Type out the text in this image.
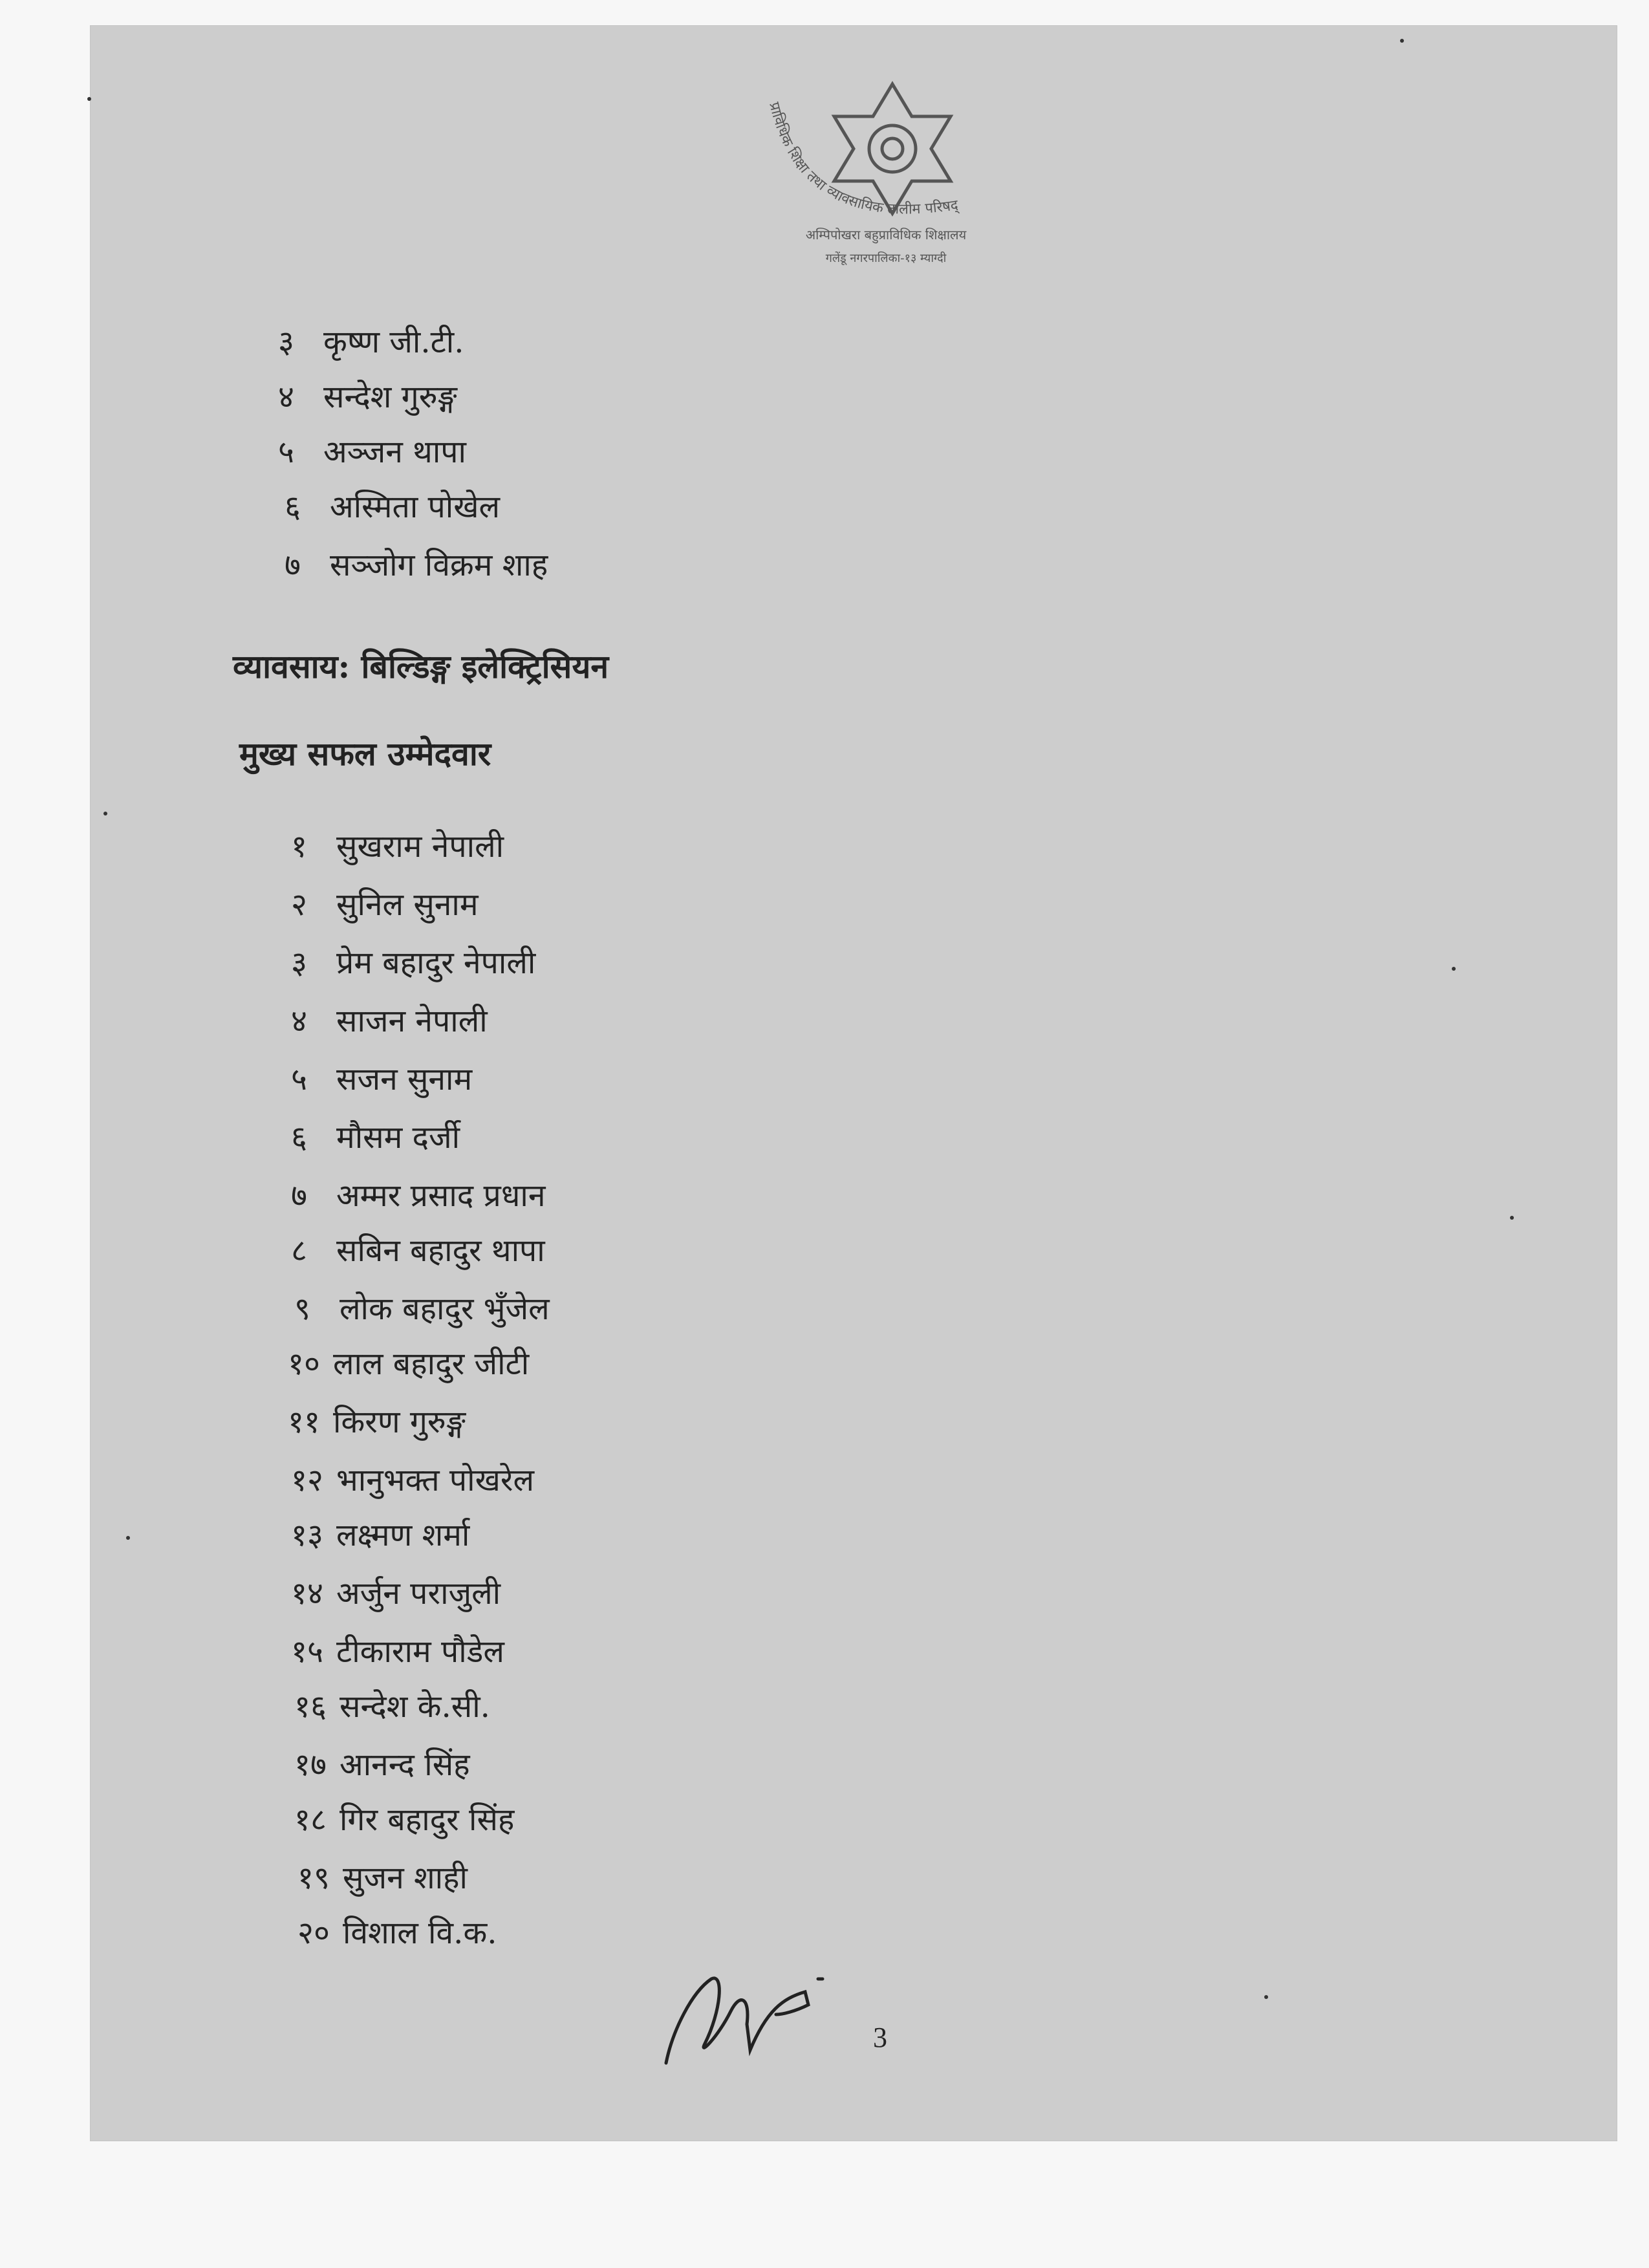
प्राविधिक शिक्षा तथा व्यावसायिक तालीम परिषद्
अम्पिपोखरा बहुप्राविधिक शिक्षालय
गलेंडू नगरपालिका-१३ म्याग्दी
३ कृष्ण जी.टी.
४ सन्देश गुरुङ्ग
५ अञ्जन थापा
६ अस्मिता पोखेल
७ सञ्जोग विक्रम शाह
व्यावसाय: बिल्डिङ्ग इलेक्ट्रिसियन
मुख्य सफल उम्मेदवार
१ सुखराम नेपाली
२ सुनिल सुनाम
३ प्रेम बहादुर नेपाली
४ साजन नेपाली
५ सजन सुनाम
६ मौसम दर्जी
७ अम्मर प्रसाद प्रधान
८ सबिन बहादुर थापा
९ लोक बहादुर भुँजेल
१० लाल बहादुर जीटी
११ किरण गुरुङ्ग
१२ भानुभक्त पोखरेल
१३ लक्ष्मण शर्मा
१४ अर्जुन पराजुली
१५ टीकाराम पौडेल
१६ सन्देश के.सी.
१७ आनन्द सिंह
१८ गिर बहादुर सिंह
१९ सुजन शाही
२० विशाल वि.क.
3
